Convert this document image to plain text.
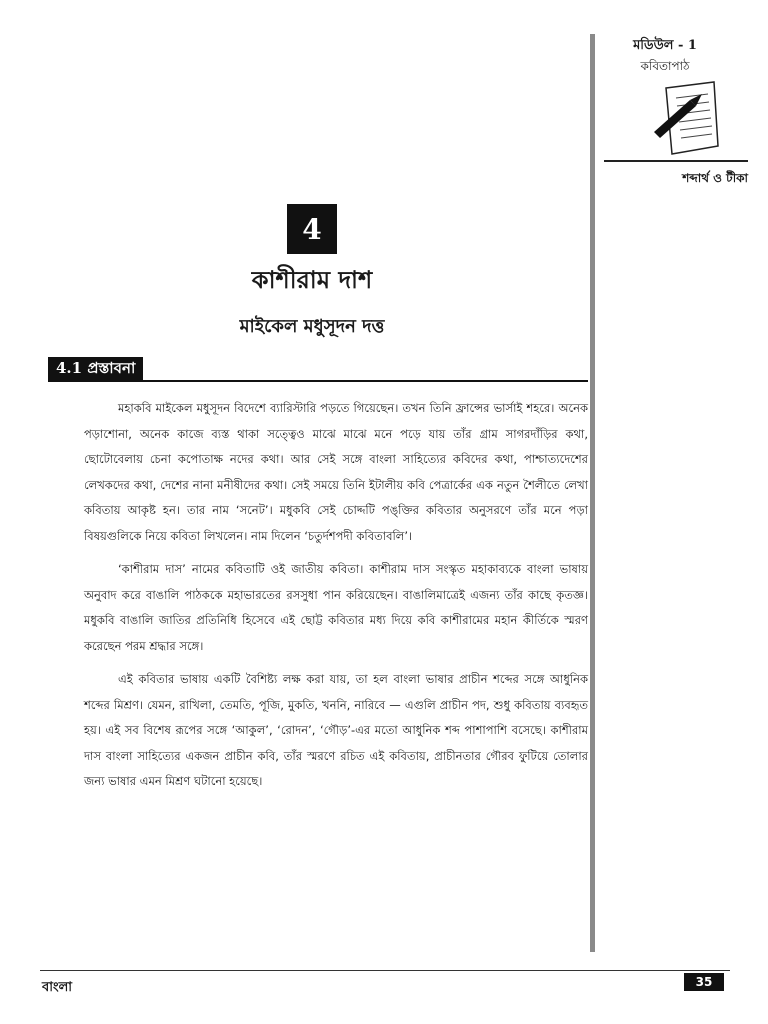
মডিউল - 1
কবিতাপাঠ
শব্দার্থ ও টীকা
4
কাশীরাম দাশ
মাইকেল মধুসূদন দত্ত
4.1 প্রস্তাবনা

মহাকবি মাইকেল মধুসূদন বিদেশে ব্যারিস্টারি পড়তে গিয়েছেন। তখন তিনি ফ্রান্সের ভার্সাই শহরে। অনেক পড়াশোনা, অনেক কাজে ব্যস্ত থাকা সত্ত্বেও মাঝে মাঝে মনে পড়ে যায় তাঁর গ্রাম সাগরদাঁড়ির কথা, ছোটোবেলায় চেনা কপোতাক্ষ নদের কথা। আর সেই সঙ্গে বাংলা সাহিত্যের কবিদের কথা, পাশ্চাত্যদেশের লেখকদের কথা, দেশের নানা মনীষীদের কথা। সেই সময়ে তিনি ইটালীয় কবি পেত্রার্কের এক নতুন শৈলীতে লেখা কবিতায় আকৃষ্ট হন। তার নাম ‘সনেট’। মধুকবি সেই চোদ্দটি পঙ্‌ক্তির কবিতার অনুসরণে তাঁর মনে পড়া বিষয়গুলিকে নিয়ে কবিতা লিখলেন। নাম দিলেন ‘চতুর্দশপদী কবিতাবলি’।

‘কাশীরাম দাস’ নামের কবিতাটি ওই জাতীয় কবিতা। কাশীরাম দাস সংস্কৃত মহাকাব্যকে বাংলা ভাষায় অনুবাদ করে বাঙালি পাঠককে মহাভারতের রসসুধা পান করিয়েছেন। বাঙালিমাত্রেই এজন্য তাঁর কাছে কৃতজ্ঞ। মধুকবি বাঙালি জাতির প্রতিনিধি হিসেবে এই ছোট্ট কবিতার মধ্য দিয়ে কবি কাশীরামের মহান কীর্তিকে স্মরণ করেছেন পরম শ্রদ্ধার সঙ্গে।

এই কবিতার ভাষায় একটি বৈশিষ্ট্য লক্ষ করা যায়, তা হল বাংলা ভাষার প্রাচীন শব্দের সঙ্গে আধুনিক শব্দের মিশ্রণ। যেমন, রাখিলা, তেমতি, পূজি, মুকতি, খননি, নারিবে — এগুলি প্রাচীন পদ, শুধু কবিতায় ব্যবহৃত হয়। এই সব বিশেষ রূপের সঙ্গে ‘আকুল’, ‘রোদন’, ‘গৌড়’-এর মতো আধুনিক শব্দ পাশাপাশি বসেছে। কাশীরাম দাস বাংলা সাহিত্যের একজন প্রাচীন কবি, তাঁর স্মরণে রচিত এই কবিতায়, প্রাচীনতার গৌরব ফুটিয়ে তোলার জন্য ভাষার এমন মিশ্রণ ঘটানো হয়েছে।

বাংলা	35
